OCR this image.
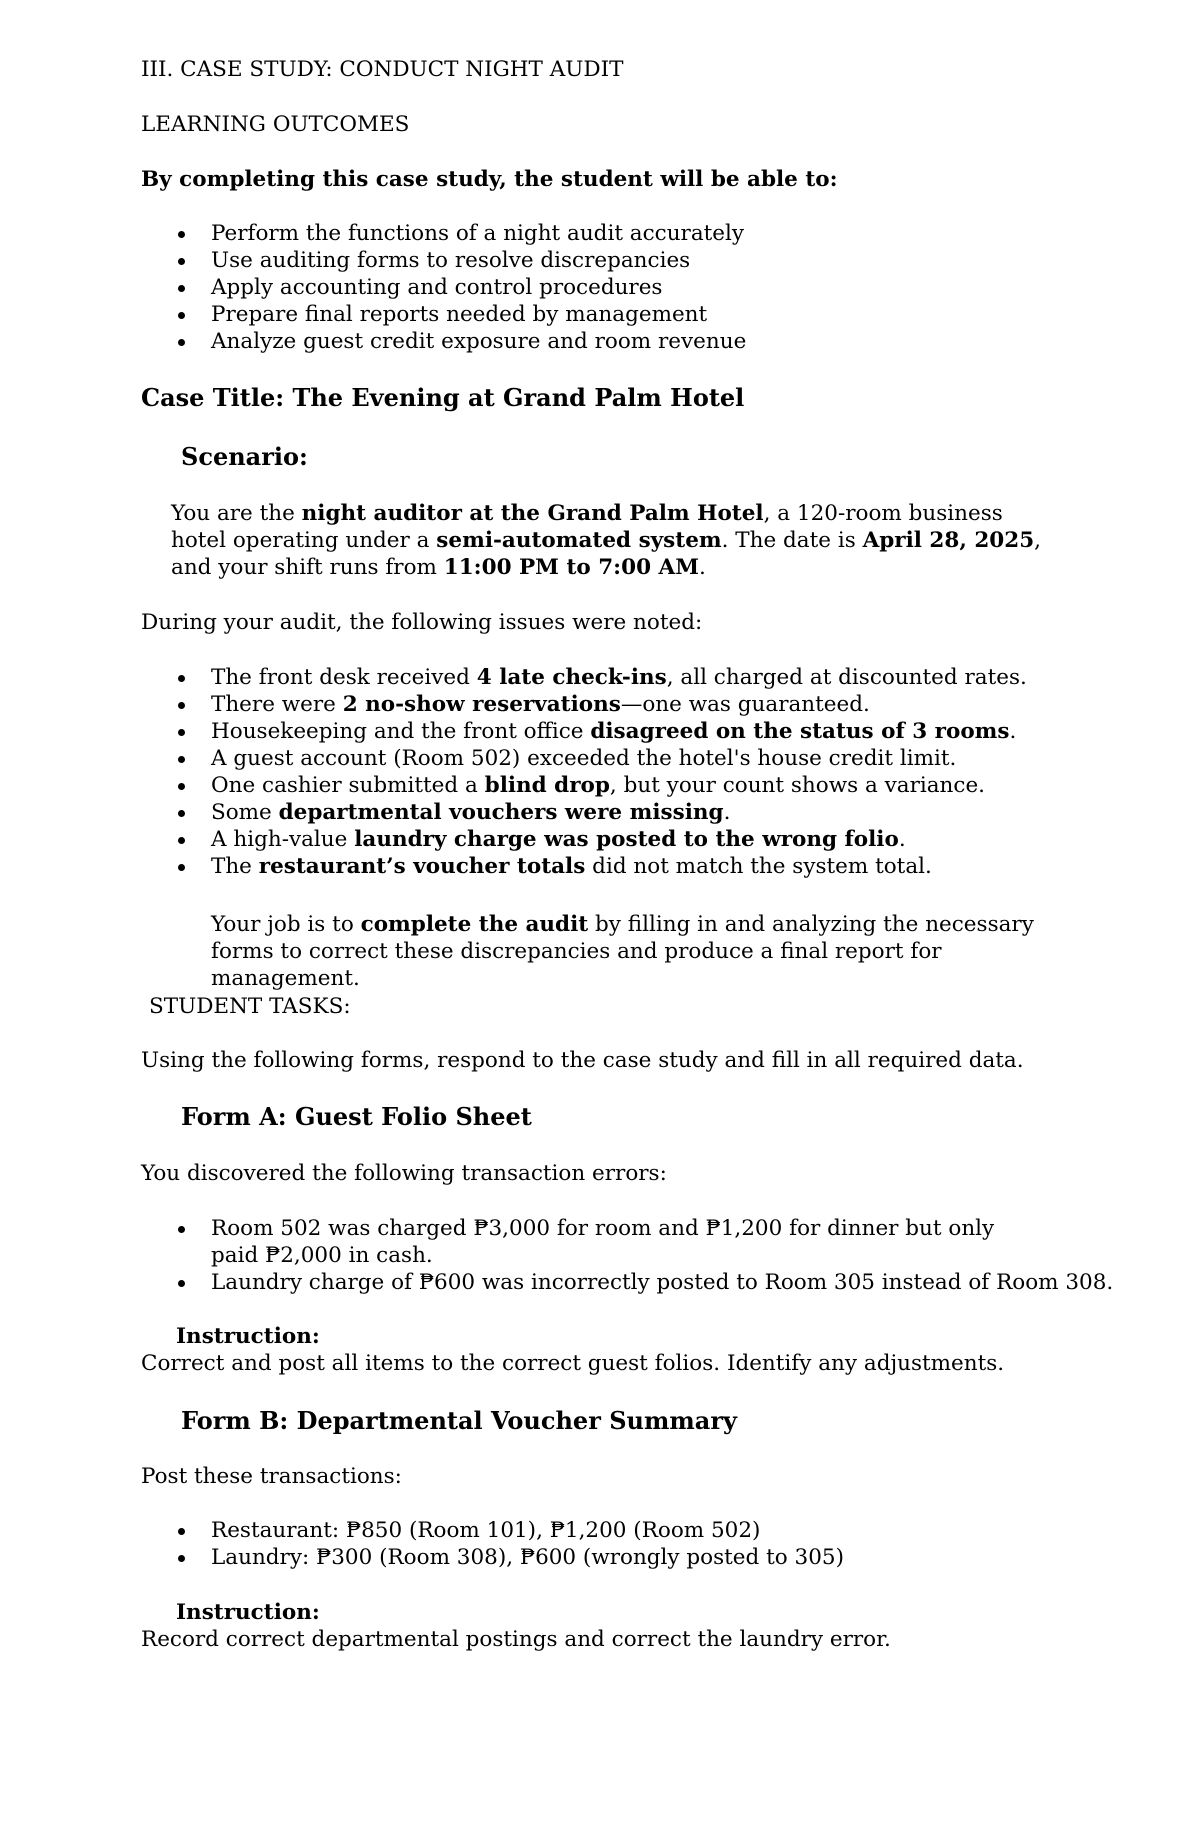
III. CASE STUDY: CONDUCT NIGHT AUDIT
LEARNING OUTCOMES
By completing this case study, the student will be able to:
Perform the functions of a night audit accurately
Use auditing forms to resolve discrepancies
Apply accounting and control procedures
Prepare final reports needed by management
Analyze guest credit exposure and room revenue
Case Title: The Evening at Grand Palm Hotel
Scenario:
You are the night auditor at the Grand Palm Hotel, a 120-room business hotel operating under a semi-automated system. The date is April 28, 2025, and your shift runs from 11:00 PM to 7:00 AM.
During your audit, the following issues were noted:
The front desk received 4 late check-ins, all charged at discounted rates.
There were 2 no-show reservations—one was guaranteed.
Housekeeping and the front office disagreed on the status of 3 rooms.
A guest account (Room 502) exceeded the hotel's house credit limit.
One cashier submitted a blind drop, but your count shows a variance.
Some departmental vouchers were missing.
A high-value laundry charge was posted to the wrong folio.
The restaurant’s voucher totals did not match the system total.
Your job is to complete the audit by filling in and analyzing the necessary forms to correct these discrepancies and produce a final report for management.
STUDENT TASKS:
Using the following forms, respond to the case study and fill in all required data.
Form A: Guest Folio Sheet
You discovered the following transaction errors:
Room 502 was charged ₱3,000 for room and ₱1,200 for dinner but only paid ₱2,000 in cash.
Laundry charge of ₱600 was incorrectly posted to Room 305 instead of Room 308.
Instruction:
Correct and post all items to the correct guest folios. Identify any adjustments.
Form B: Departmental Voucher Summary
Post these transactions:
Restaurant: ₱850 (Room 101), ₱1,200 (Room 502)
Laundry: ₱300 (Room 308), ₱600 (wrongly posted to 305)
Instruction:
Record correct departmental postings and correct the laundry error.
